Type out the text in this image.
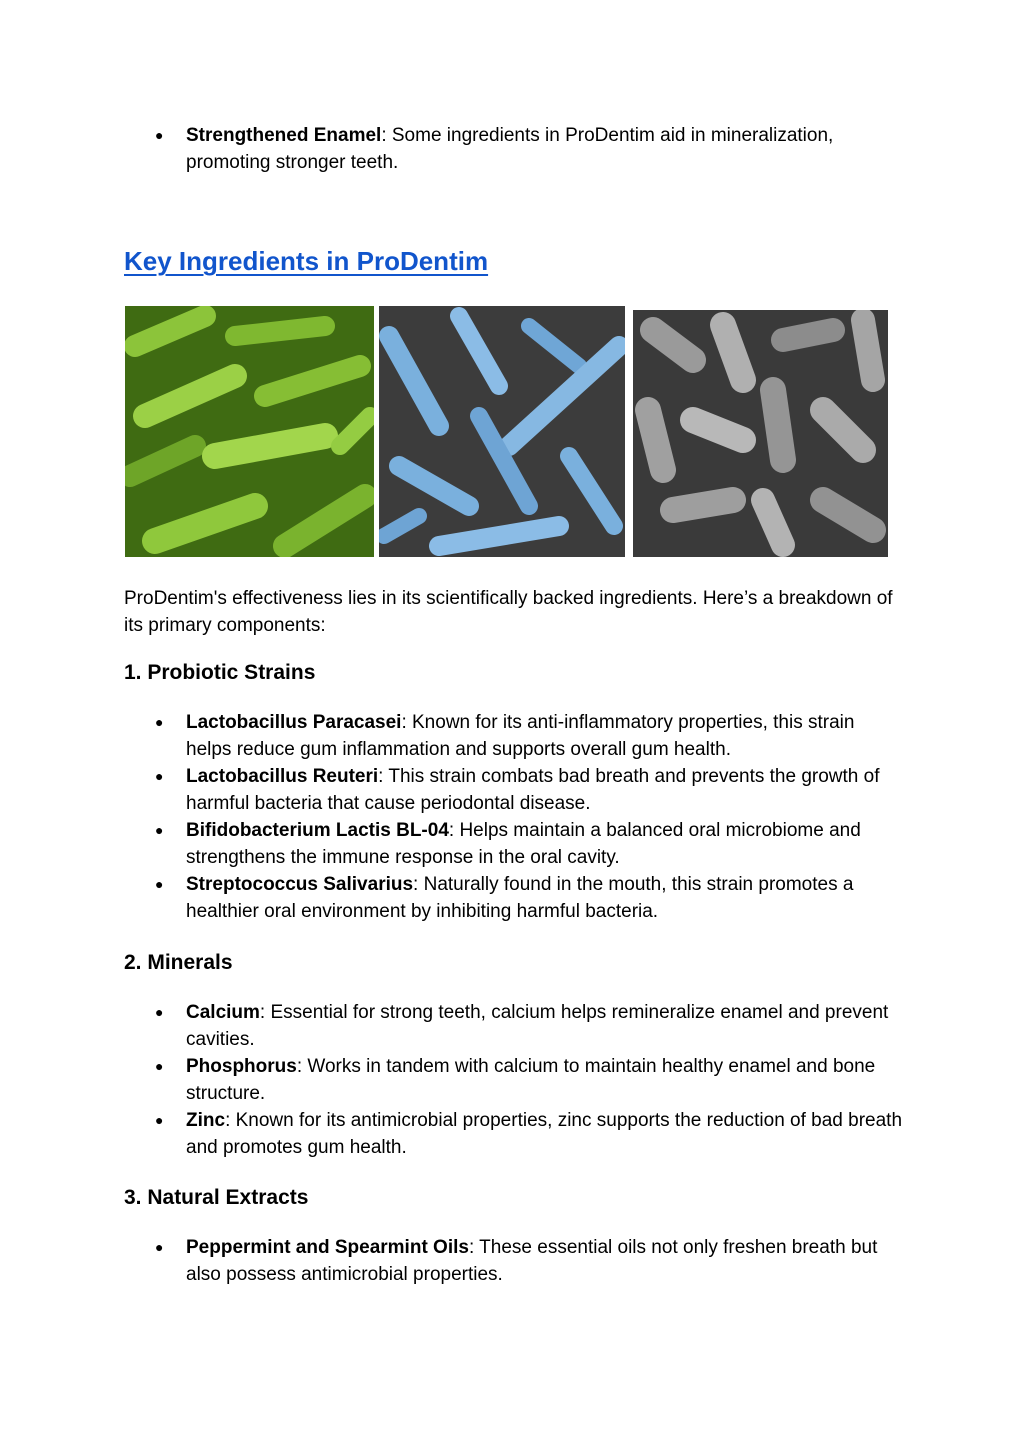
● Strengthened Enamel: Some ingredients in ProDentim aid in mineralization, promoting stronger teeth.
Key Ingredients in ProDentim

ProDentim's effectiveness lies in its scientifically backed ingredients. Here’s a breakdown of its primary components:

1. Probiotic Strains
● Lactobacillus Paracasei: Known for its anti-inflammatory properties, this strain helps reduce gum inflammation and supports overall gum health.
● Lactobacillus Reuteri: This strain combats bad breath and prevents the growth of harmful bacteria that cause periodontal disease.
● Bifidobacterium Lactis BL-04: Helps maintain a balanced oral microbiome and strengthens the immune response in the oral cavity.
● Streptococcus Salivarius: Naturally found in the mouth, this strain promotes a healthier oral environment by inhibiting harmful bacteria.
2. Minerals
● Calcium: Essential for strong teeth, calcium helps remineralize enamel and prevent cavities.
● Phosphorus: Works in tandem with calcium to maintain healthy enamel and bone structure.
● Zinc: Known for its antimicrobial properties, zinc supports the reduction of bad breath and promotes gum health.
3. Natural Extracts
● Peppermint and Spearmint Oils: These essential oils not only freshen breath but also possess antimicrobial properties.
